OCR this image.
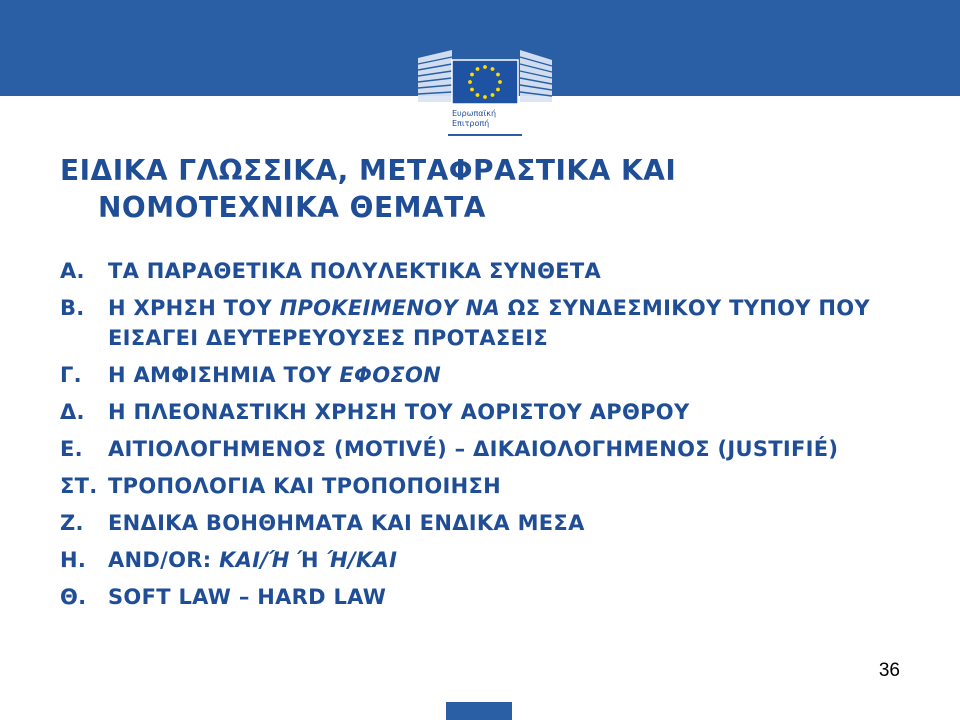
Ευρωπαϊκή
Επιτροπή
ΕΙΔΙΚΑ ΓΛΩΣΣΙΚΑ, ΜΕΤΑΦΡΑΣΤΙΚΑ ΚΑΙ
ΝΟΜΟΤΕΧΝΙΚΑ ΘΕΜΑΤΑ
Α.	ΤΑ ΠΑΡΑΘΕΤΙΚΑ ΠΟΛΥΛΕΚΤΙΚΑ ΣΥΝΘΕΤΑ
Β.	Η ΧΡΗΣΗ ΤΟΥ ΠΡΟΚΕΙΜΕΝΟΥ ΝΑ ΩΣ ΣΥΝΔΕΣΜΙΚΟΥ ΤΥΠΟΥ ΠΟΥ ΕΙΣΑΓΕΙ ΔΕΥΤΕΡΕΥΟΥΣΕΣ ΠΡΟΤΑΣΕΙΣ
Γ.	Η ΑΜΦΙΣΗΜΙΑ ΤΟΥ ΕΦΟΣΟΝ
Δ.	Η ΠΛΕΟΝΑΣΤΙΚΗ ΧΡΗΣΗ ΤΟΥ ΑΟΡΙΣΤΟΥ ΑΡΘΡΟΥ
Ε.	ΑΙΤΙΟΛΟΓΗΜΕΝΟΣ (MOTIVÉ) – ΔΙΚΑΙΟΛΟΓΗΜΕΝΟΣ (JUSTIFIÉ)
ΣΤ. ΤΡΟΠΟΛΟΓΙΑ ΚΑΙ ΤΡΟΠΟΠΟΙΗΣΗ
Ζ.	ΕΝΔΙΚΑ ΒΟΗΘΗΜΑΤΑ ΚΑΙ ΕΝΔΙΚΑ ΜΕΣΑ
Η.	AND/OR: ΚΑΙ/Ή Ή Ή/ΚΑΙ
Θ.	SOFT LAW – HARD LAW
36
